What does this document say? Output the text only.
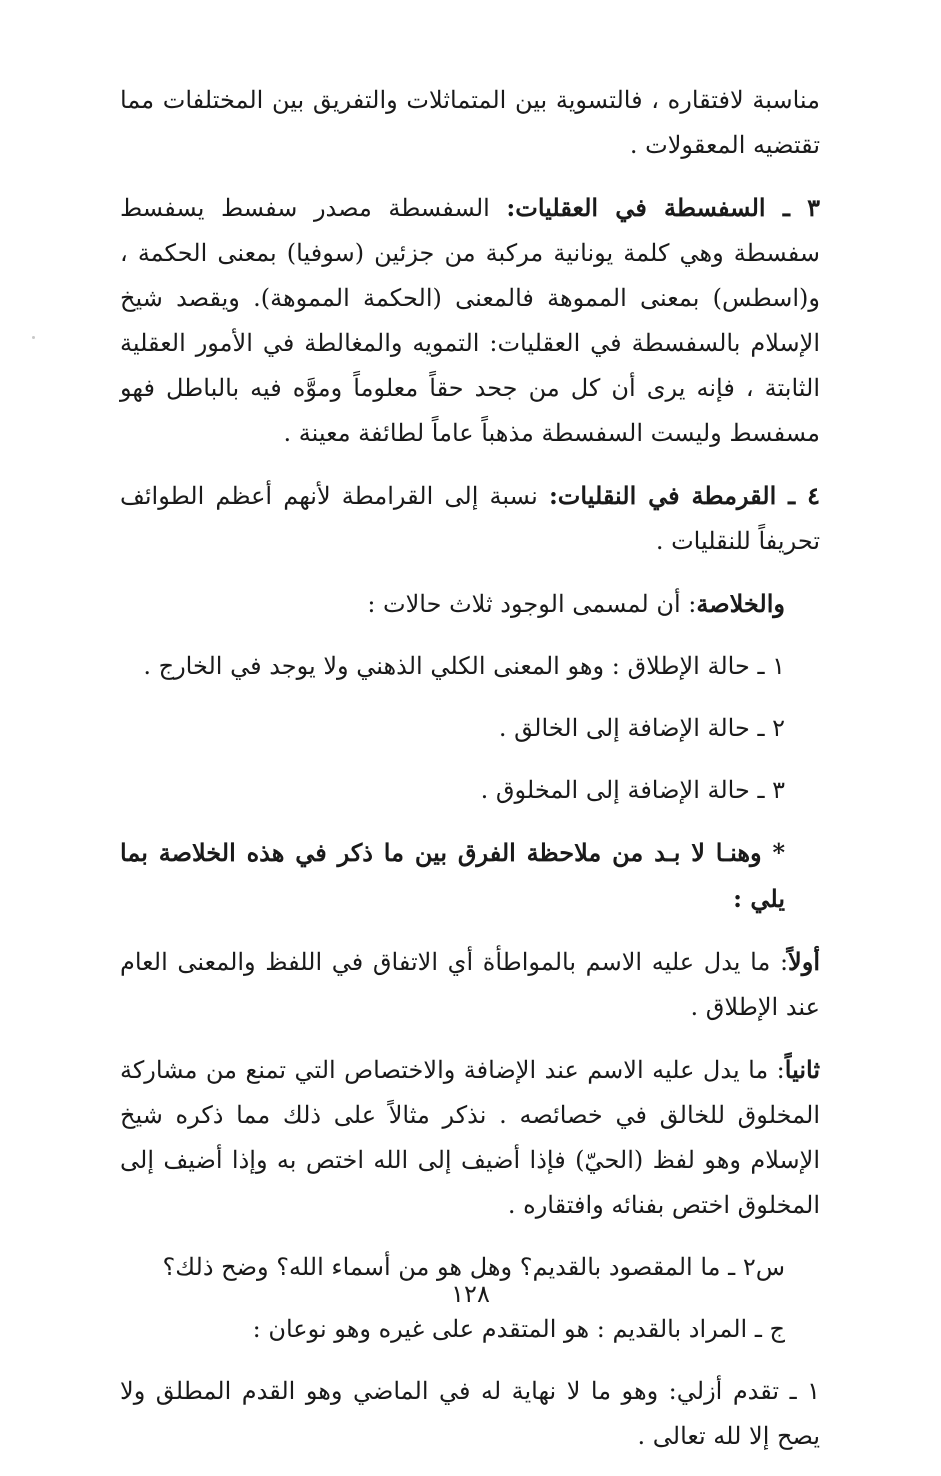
مناسبة لافتقاره ، فالتسوية بين المتماثلات والتفريق بين المختلفات مما تقتضيه المعقولات .

٣ ـ السفسطة في العقليات: السفسطة مصدر سفسط يسفسط سفسطة وهي كلمة يونانية مركبة من جزئين (سوفيا) بمعنى الحكمة ، و(اسطس) بمعنى المموهة فالمعنى (الحكمة المموهة). ويقصد شيخ الإسلام بالسفسطة في العقليات: التمويه والمغالطة في الأمور العقلية الثابتة ، فإنه يرى أن كل من جحد حقاً معلوماً وموَّه فيه بالباطل فهو مسفسط وليست السفسطة مذهباً عاماً لطائفة معينة .

٤ ـ القرمطة في النقليات: نسبة إلى القرامطة لأنهم أعظم الطوائف تحريفاً للنقليات .

والخلاصة: أن لمسمى الوجود ثلاث حالات :

١ ـ حالة الإطلاق : وهو المعنى الكلي الذهني ولا يوجد في الخارج .

٢ ـ حالة الإضافة إلى الخالق .

٣ ـ حالة الإضافة إلى المخلوق .

* وهنـا لا بـد من ملاحظة الفرق بين ما ذكر في هذه الخلاصة بما يلي :

أولاً: ما يدل عليه الاسم بالمواطأة أي الاتفاق في اللفظ والمعنى العام عند الإطلاق .

ثانياً: ما يدل عليه الاسم عند الإضافة والاختصاص التي تمنع من مشاركة المخلوق للخالق في خصائصه . نذكر مثالاً على ذلك مما ذكره شيخ الإسلام وهو لفظ (الحيّ) فإذا أضيف إلى الله اختص به وإذا أضيف إلى المخلوق اختص بفنائه وافتقاره .

س٢ ـ ما المقصود بالقديم؟ وهل هو من أسماء الله؟ وضح ذلك؟

ج ـ المراد بالقديم : هو المتقدم على غيره وهو نوعان :

١ ـ تقدم أزلي: وهو ما لا نهاية له في الماضي وهو القدم المطلق ولا يصح إلا لله تعالى .

١٢٨
